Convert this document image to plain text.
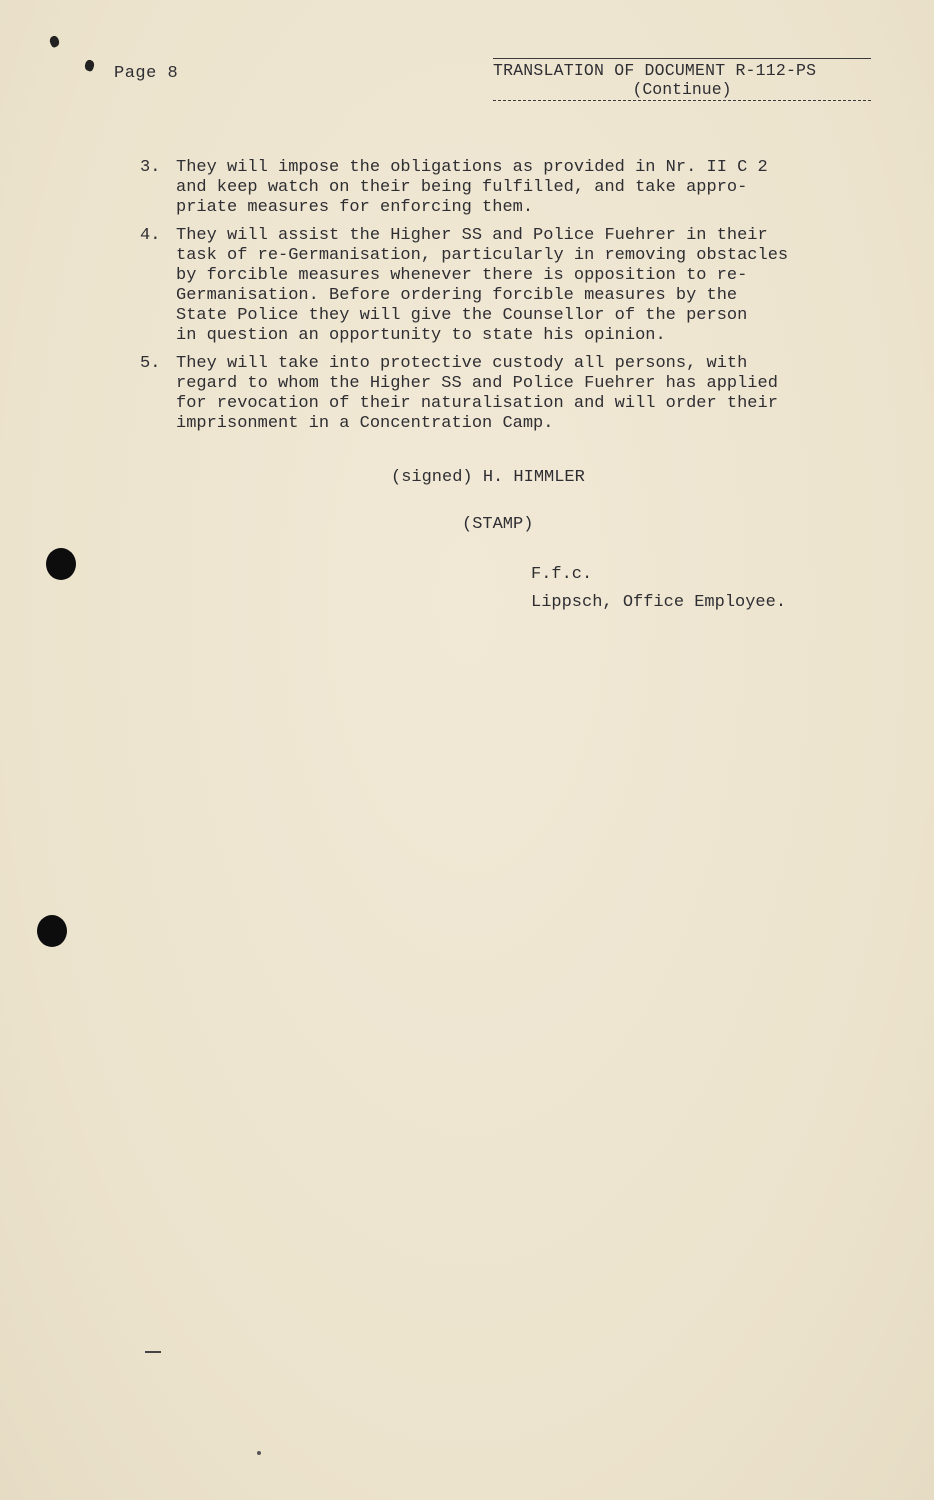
Page 8	TRANSLATION OF DOCUMENT R-112-PS
(Continue)
3. They will impose the obligations as provided in Nr. II C 2
and keep watch on their being fulfilled, and take appro-
priate measures for enforcing them.
4. They will assist the Higher SS and Police Fuehrer in their
task of re-Germanisation, particularly in removing obstacles
by forcible measures whenever there is opposition to re-
Germanisation. Before ordering forcible measures by the
State Police they will give the Counsellor of the person
in question an opportunity to state his opinion.
5. They will take into protective custody all persons, with
regard to whom the Higher SS and Police Fuehrer has applied
for revocation of their naturalisation and will order their
imprisonment in a Concentration Camp.
(signed) H. HIMMLER
(STAMP)
F.f.c.
Lippsch, Office Employee.
